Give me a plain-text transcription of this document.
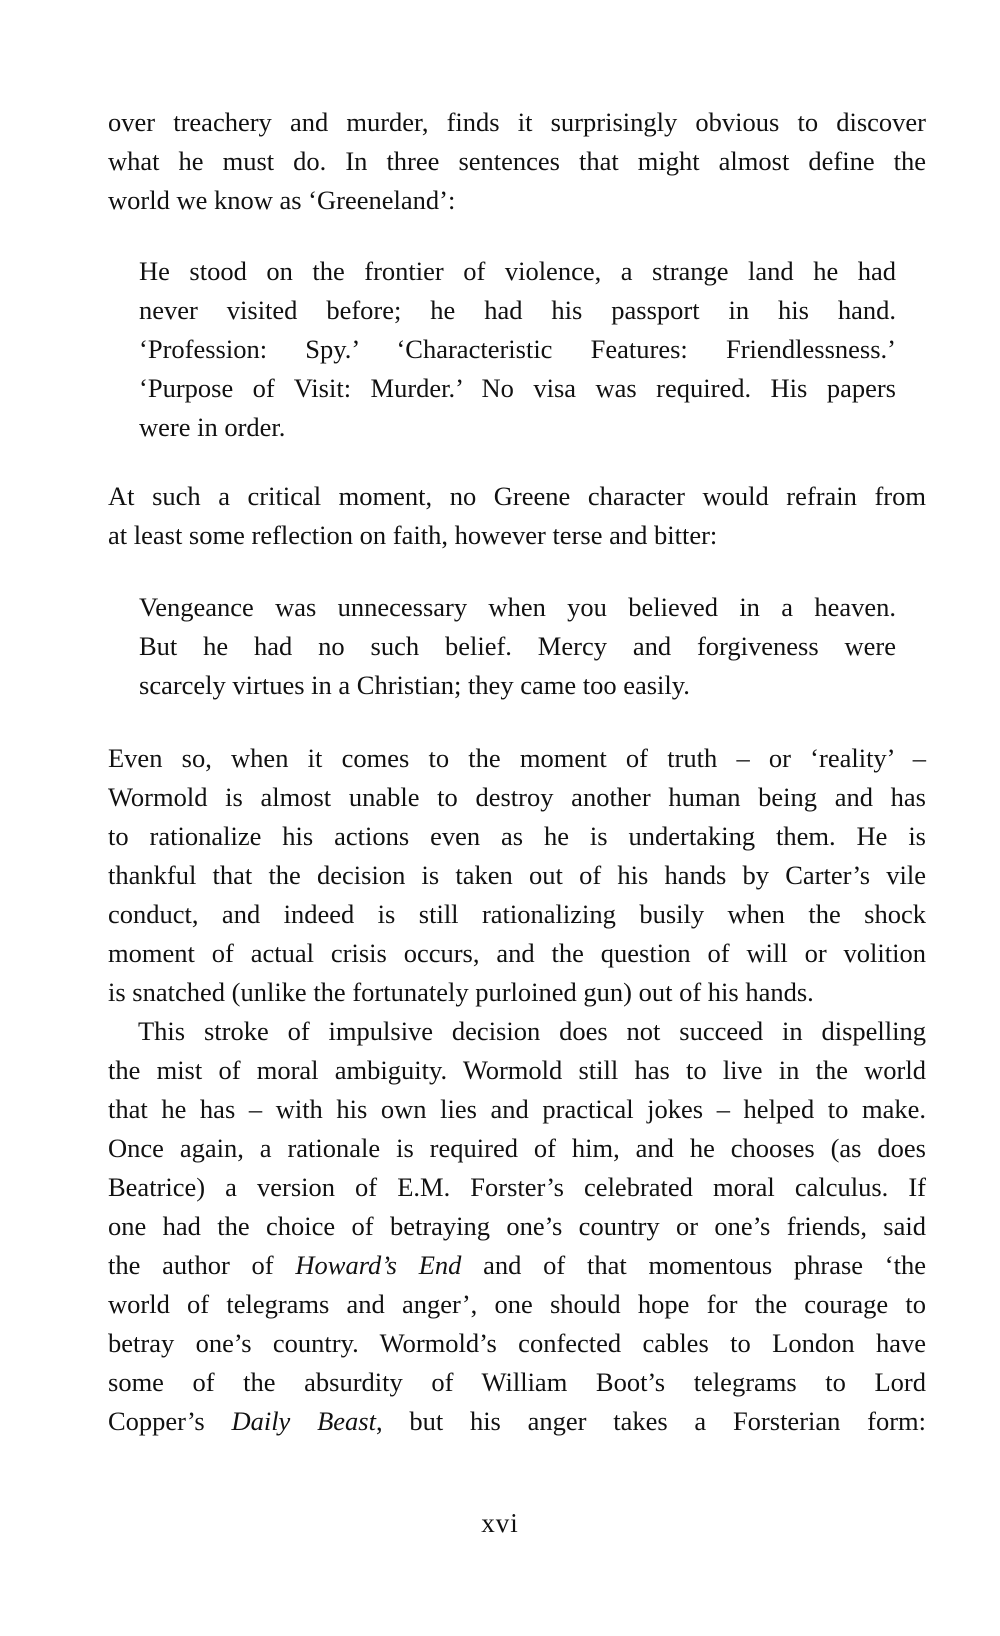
over treachery and murder, finds it surprisingly obvious to discover
what he must do. In three sentences that might almost define the
world we know as ‘Greeneland’:

He stood on the frontier of violence, a strange land he had
never visited before; he had his passport in his hand.
‘Profession: Spy.’ ‘Characteristic Features: Friendlessness.’
‘Purpose of Visit: Murder.’ No visa was required. His papers
were in order.

At such a critical moment, no Greene character would refrain from
at least some reflection on faith, however terse and bitter:

Vengeance was unnecessary when you believed in a heaven.
But he had no such belief. Mercy and forgiveness were
scarcely virtues in a Christian; they came too easily.

Even so, when it comes to the moment of truth – or ‘reality’ –
Wormold is almost unable to destroy another human being and has
to rationalize his actions even as he is undertaking them. He is
thankful that the decision is taken out of his hands by Carter’s vile
conduct, and indeed is still rationalizing busily when the shock
moment of actual crisis occurs, and the question of will or volition
is snatched (unlike the fortunately purloined gun) out of his hands.

This stroke of impulsive decision does not succeed in dispelling
the mist of moral ambiguity. Wormold still has to live in the world
that he has – with his own lies and practical jokes – helped to make.
Once again, a rationale is required of him, and he chooses (as does
Beatrice) a version of E.M. Forster’s celebrated moral calculus. If
one had the choice of betraying one’s country or one’s friends, said
the author of Howard’s End and of that momentous phrase ‘the
world of telegrams and anger’, one should hope for the courage to
betray one’s country. Wormold’s confected cables to London have
some of the absurdity of William Boot’s telegrams to Lord
Copper’s Daily Beast, but his anger takes a Forsterian form:

xvi
